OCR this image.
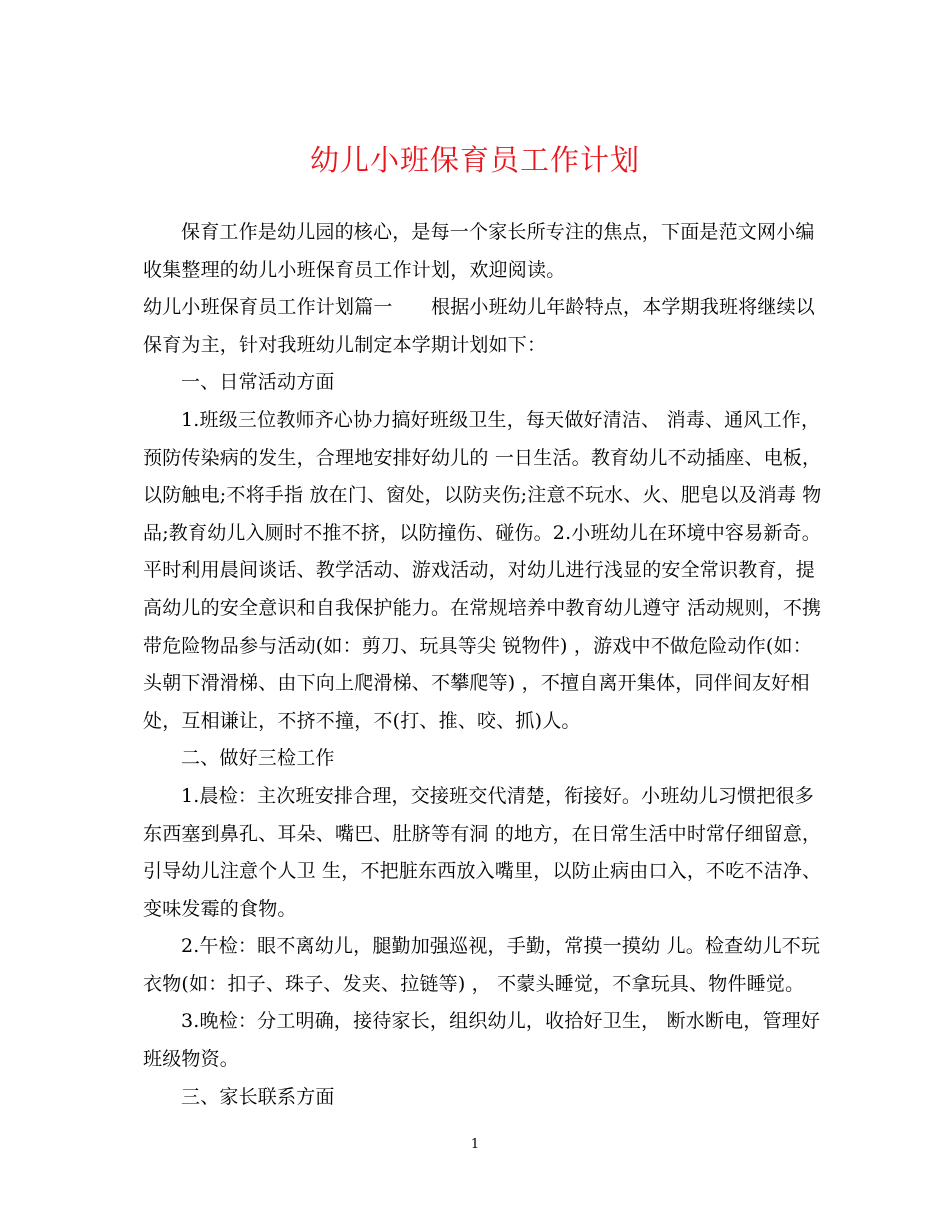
幼儿小班保育员工作计划
保育工作是幼儿园的核心，是每一个家长所专注的焦点，下面是范文网小编
收集整理的幼儿小班保育员工作计划，欢迎阅读。
幼儿小班保育员工作计划篇一　　根据小班幼儿年龄特点，本学期我班将继续以
保育为主，针对我班幼儿制定本学期计划如下：
一、日常活动方面
1.班级三位教师齐心协力搞好班级卫生，每天做好清洁、 消毒、通风工作，
预防传染病的发生，合理地安排好幼儿的 一日生活。教育幼儿不动插座、电板，
以防触电;不将手指 放在门、窗处，以防夹伤;注意不玩水、火、肥皂以及消毒 物
品;教育幼儿入厕时不推不挤，以防撞伤、碰伤。2.小班幼儿在环境中容易新奇。
平时利用晨间谈话、教学活动、游戏活动，对幼儿进行浅显的安全常识教育，提
高幼儿的安全意识和自我保护能力。在常规培养中教育幼儿遵守 活动规则，不携
带危险物品参与活动(如：剪刀、玩具等尖 锐物件) ，游戏中不做危险动作(如：
头朝下滑滑梯、由下向上爬滑梯、不攀爬等) ，不擅自离开集体，同伴间友好相
处，互相谦让，不挤不撞，不(打、推、咬、抓)人。
二、做好三检工作
1.晨检：主次班安排合理，交接班交代清楚，衔接好。小班幼儿习惯把很多
东西塞到鼻孔、耳朵、嘴巴、肚脐等有洞 的地方，在日常生活中时常仔细留意，
引导幼儿注意个人卫 生，不把脏东西放入嘴里，以防止病由口入，不吃不洁净、
变味发霉的食物。
2.午检：眼不离幼儿，腿勤加强巡视，手勤，常摸一摸幼 儿。检查幼儿不玩
衣物(如：扣子、珠子、发夹、拉链等) ， 不蒙头睡觉，不拿玩具、物件睡觉。
3.晚检：分工明确，接待家长，组织幼儿，收拾好卫生， 断水断电，管理好
班级物资。
三、家长联系方面
1
